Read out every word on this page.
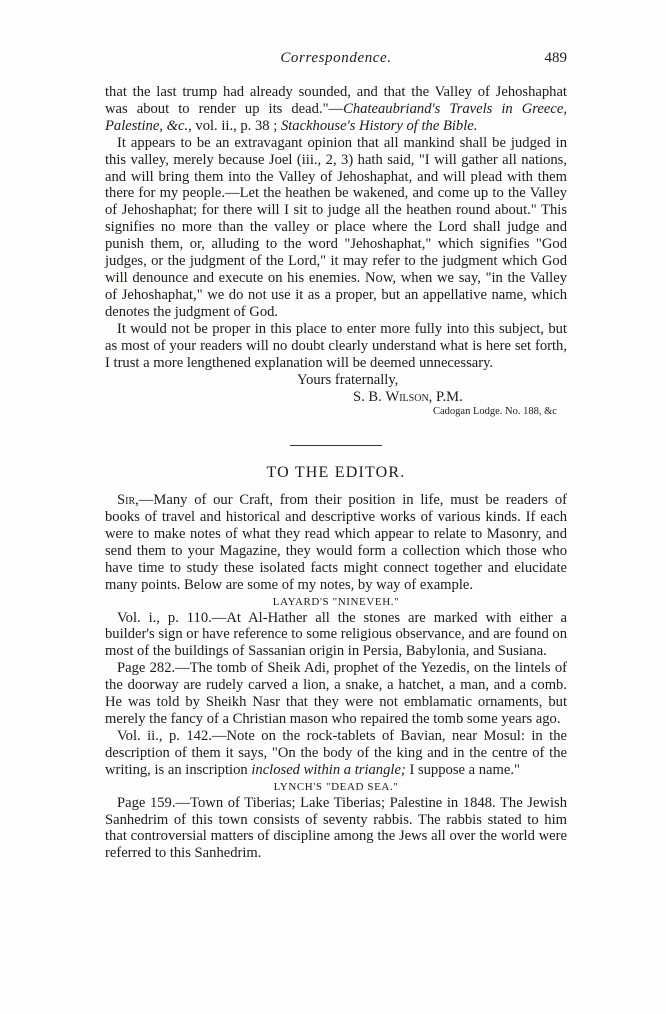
Correspondence.	489

that the last trump had already sounded, and that the Valley of Jehoshaphat was about to render up its dead."—Chateaubriand's Travels in Greece, Palestine, &c., vol. ii., p. 38 ; Stackhouse's History of the Bible.

It appears to be an extravagant opinion that all mankind shall be judged in this valley, merely because Joel (iii., 2, 3) hath said, "I will gather all nations, and will bring them into the Valley of Jehoshaphat, and will plead with them there for my people.—Let the heathen be wakened, and come up to the Valley of Jehoshaphat; for there will I sit to judge all the heathen round about." This signifies no more than the valley or place where the Lord shall judge and punish them, or, alluding to the word "Jehoshaphat," which signifies "God judges, or the judgment of the Lord," it may refer to the judgment which God will denounce and execute on his enemies. Now, when we say, "in the Valley of Jehoshaphat," we do not use it as a proper, but an appellative name, which denotes the judgment of God.

It would not be proper in this place to enter more fully into this subject, but as most of your readers will no doubt clearly understand what is here set forth, I trust a more lengthened explanation will be deemed unnecessary.

Yours fraternally,
S. B. Wilson, P.M.
Cadogan Lodge. No. 188, &c
TO THE EDITOR.

Sir,—Many of our Craft, from their position in life, must be readers of books of travel and historical and descriptive works of various kinds. If each were to make notes of what they read which appear to relate to Masonry, and send them to your Magazine, they would form a collection which those who have time to study these isolated facts might connect together and elucidate many points. Below are some of my notes, by way of example.

LAYARD'S "NINEVEH."

Vol. i., p. 110.—At Al-Hather all the stones are marked with either a builder's sign or have reference to some religious observance, and are found on most of the buildings of Sassanian origin in Persia, Babylonia, and Susiana.

Page 282.—The tomb of Sheik Adi, prophet of the Yezedis, on the lintels of the doorway are rudely carved a lion, a snake, a hatchet, a man, and a comb. He was told by Sheikh Nasr that they were not emblamatic ornaments, but merely the fancy of a Christian mason who repaired the tomb some years ago.

Vol. ii., p. 142.—Note on the rock-tablets of Bavian, near Mosul: in the description of them it says, "On the body of the king and in the centre of the writing, is an inscription inclosed within a triangle; I suppose a name."

LYNCH'S "DEAD SEA."

Page 159.—Town of Tiberias; Lake Tiberias; Palestine in 1848. The Jewish Sanhedrim of this town consists of seventy rabbis. The rabbis stated to him that controversial matters of discipline among the Jews all over the world were referred to this Sanhedrim.
